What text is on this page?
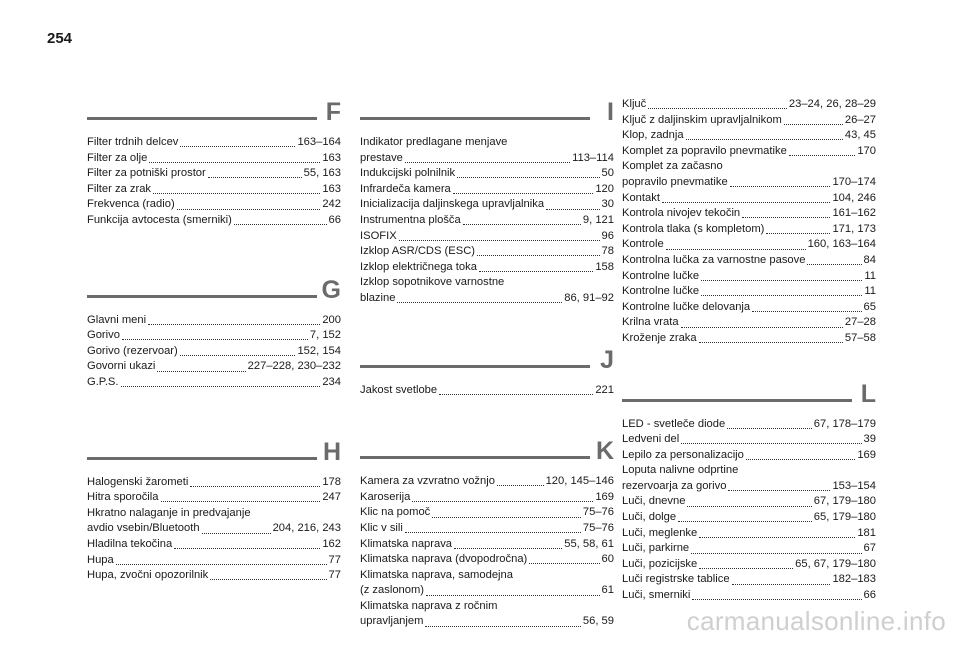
254
F
Filter trdnih delcev	163–164
Filter za olje	163
Filter za potniški prostor	55, 163
Filter za zrak	163
Frekvenca (radio)	242
Funkcija avtocesta (smerniki)	66
G
Glavni meni	200
Gorivo	7, 152
Gorivo (rezervoar)	152, 154
Govorni ukazi	227–228, 230–232
G.P.S.	234
H
Halogenski žarometi	178
Hitra sporočila	247
Hkratno nalaganje in predvajanje
avdio vsebin/Bluetooth	204, 216, 243
Hladilna tekočina	162
Hupa	77
Hupa, zvočni opozorilnik	77
I
Indikator predlagane menjave
prestave	113–114
Indukcijski polnilnik	50
Infrardeča kamera	120
Inicializacija daljinskega upravljalnika	30
Instrumentna plošča	9, 121
ISOFIX	96
Izklop ASR/CDS (ESC)	78
Izklop električnega toka	158
Izklop sopotnikove varnostne
blazine	86, 91–92
J
Jakost svetlobe	221
K
Kamera za vzvratno vožnjo	120, 145–146
Karoserija	169
Klic na pomoč	75–76
Klic v sili	75–76
Klimatska naprava	55, 58, 61
Klimatska naprava (dvopodročna)	60
Klimatska naprava, samodejna
(z zaslonom)	61
Klimatska naprava z ročnim
upravljanjem	56, 59
Ključ	23–24, 26, 28–29
Ključ z daljinskim upravljalnikom	26–27
Klop, zadnja	43, 45
Komplet za popravilo pnevmatike	170
Komplet za začasno
popravilo pnevmatike	170–174
Kontakt	104, 246
Kontrola nivojev tekočin	161–162
Kontrola tlaka (s kompletom)	171, 173
Kontrole	160, 163–164
Kontrolna lučka za varnostne pasove	84
Kontrolne lučke	11
Kontrolne lučke	11
Kontrolne lučke delovanja	65
Krilna vrata	27–28
Kroženje zraka	57–58
L
LED - svetleče diode	67, 178–179
Ledveni del	39
Lepilo za personalizacijo	169
Loputa nalivne odprtine
rezervoarja za gorivo	153–154
Luči, dnevne	67, 179–180
Luči, dolge	65, 179–180
Luči, meglenke	181
Luči, parkirne	67
Luči, pozicijske	65, 67, 179–180
Luči registrske tablice	182–183
Luči, smerniki	66
carmanualsonline.info
